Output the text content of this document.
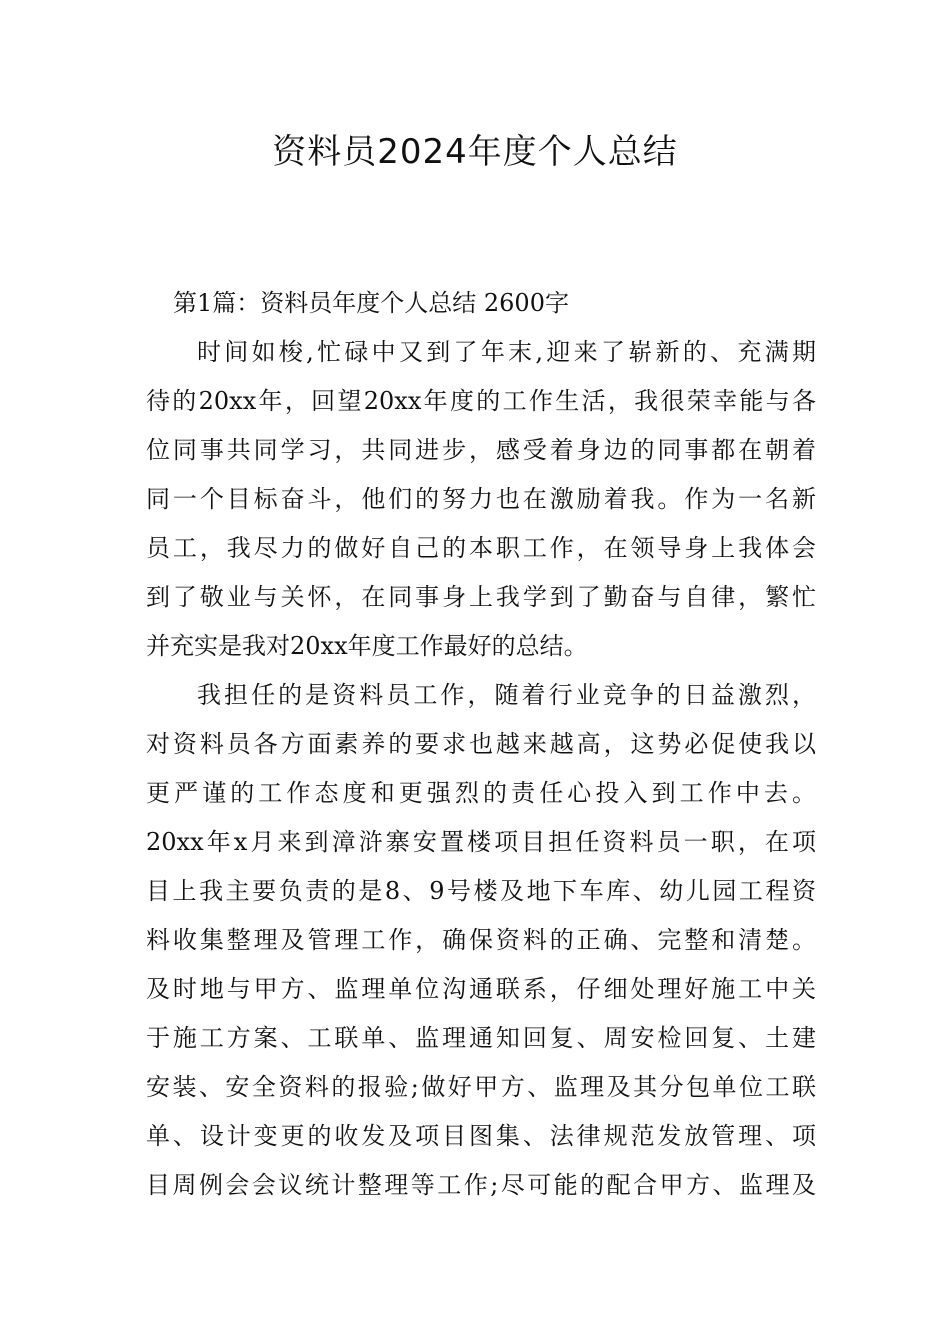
资料员2024年度个人总结
第1篇：资料员年度个人总结 2600字
时间如梭,忙碌中又到了年末,迎来了崭新的、充满期
待的20xx年，回望20xx年度的工作生活，我很荣幸能与各
位同事共同学习，共同进步，感受着身边的同事都在朝着
同一个目标奋斗，他们的努力也在激励着我。作为一名新
员工，我尽力的做好自己的本职工作，在领导身上我体会
到了敬业与关怀，在同事身上我学到了勤奋与自律，繁忙
并充实是我对20xx年度工作最好的总结。
我担任的是资料员工作，随着行业竞争的日益激烈，
对资料员各方面素养的要求也越来越高，这势必促使我以
更严谨的工作态度和更强烈的责任心投入到工作中去。
20xx年x月来到漳浒寨安置楼项目担任资料员一职，在项
目上我主要负责的是8、9号楼及地下车库、幼儿园工程资
料收集整理及管理工作，确保资料的正确、完整和清楚。
及时地与甲方、监理单位沟通联系，仔细处理好施工中关
于施工方案、工联单、监理通知回复、周安检回复、土建
安装、安全资料的报验;做好甲方、监理及其分包单位工联
单、设计变更的收发及项目图集、法律规范发放管理、项
目周例会会议统计整理等工作;尽可能的配合甲方、监理及
